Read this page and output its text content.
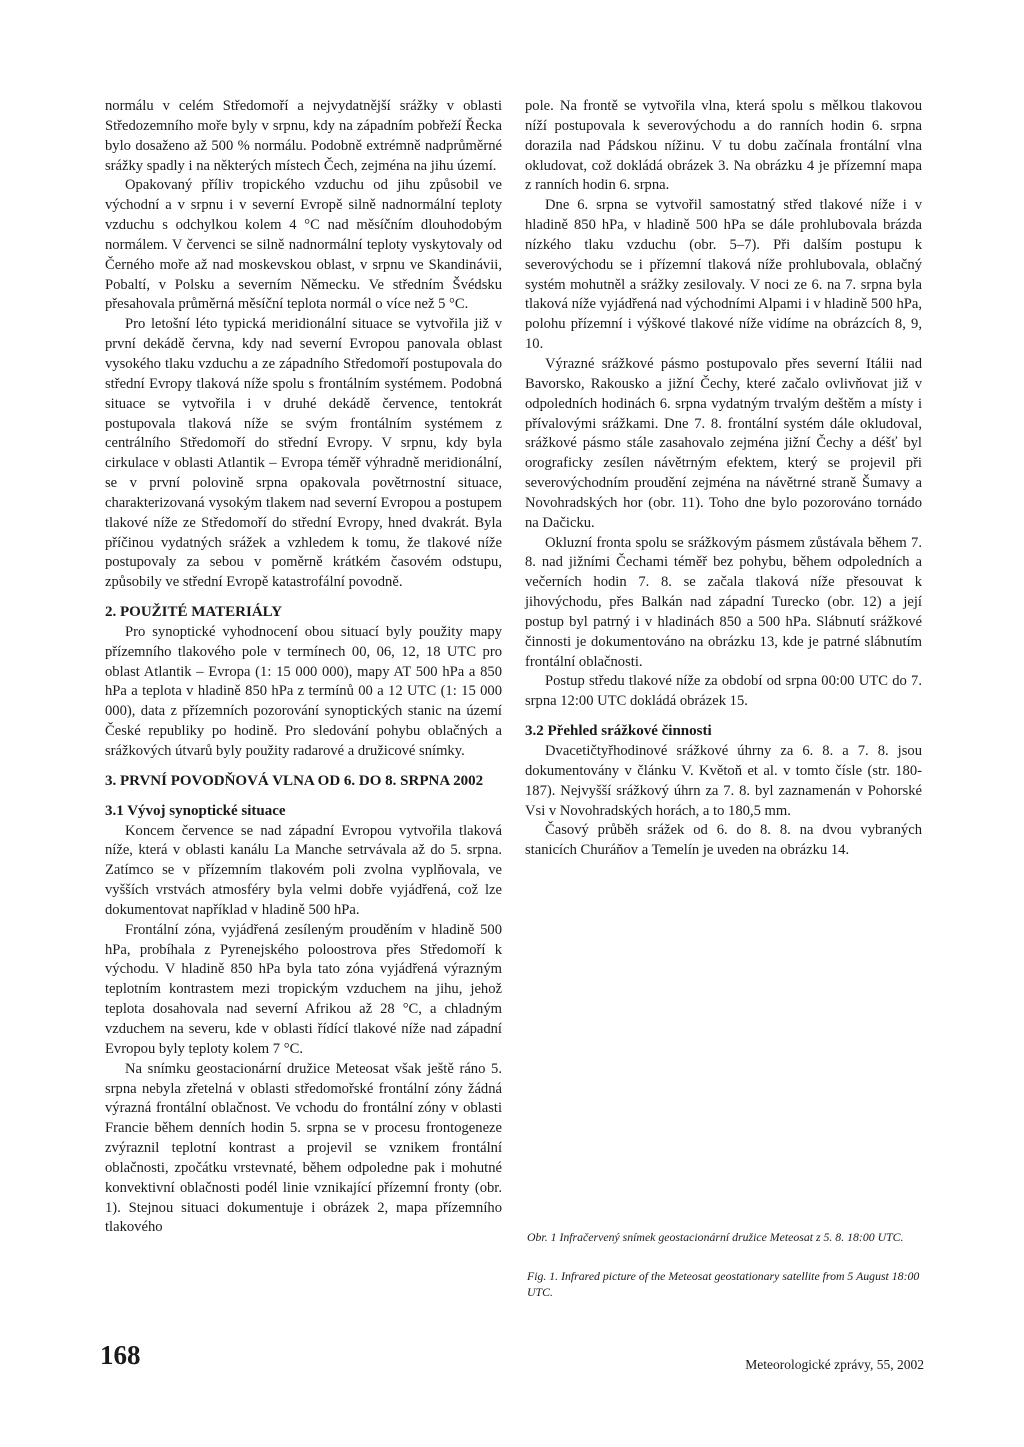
normálu v celém Středomoří a nejvydatnější srážky v oblasti Středozemního moře byly v srpnu, kdy na západním pobřeží Řecka bylo dosaženo až 500 % normálu. Podobně extrémně nadprůměrné srážky spadly i na některých místech Čech, zejména na jihu území.

Opakovaný příliv tropického vzduchu od jihu způsobil ve východní a v srpnu i v severní Evropě silně nadnormální teploty vzduchu s odchylkou kolem 4 °C nad měsíčním dlouhodobým normálem. V červenci se silně nadnormální teploty vyskytovaly od Černého moře až nad moskevskou oblast, v srpnu ve Skandinávii, Pobaltí, v Polsku a severním Německu. Ve středním Švédsku přesahovala průměrná měsíční teplota normál o více než 5 °C.

Pro letošní léto typická meridionální situace se vytvořila již v první dekádě června, kdy nad severní Evropou panovala oblast vysokého tlaku vzduchu a ze západního Středomoří postupovala do střední Evropy tlaková níže spolu s frontálním systémem. Podobná situace se vytvořila i v druhé dekádě července, tentokrát postupovala tlaková níže se svým frontálním systémem z centrálního Středomoří do střední Evropy. V srpnu, kdy byla cirkulace v oblasti Atlantik – Evropa téměř výhradně meridionální, se v první polovině srpna opakovala povětrnostní situace, charakterizovaná vysokým tlakem nad severní Evropou a postupem tlakové níže ze Středomoří do střední Evropy, hned dvakrát. Byla příčinou vydatných srážek a vzhledem k tomu, že tlakové níže postupovaly za sebou v poměrně krátkém časovém odstupu, způsobily ve střední Evropě katastrofální povodně.

2. POUŽITÉ MATERIÁLY

Pro synoptické vyhodnocení obou situací byly použity mapy přízemního tlakového pole v termínech 00, 06, 12, 18 UTC pro oblast Atlantik – Evropa (1: 15 000 000), mapy AT 500 hPa a 850 hPa a teplota v hladině 850 hPa z termínů 00 a 12 UTC (1: 15 000 000), data z přízemních pozorování synoptických stanic na území České republiky po hodině. Pro sledování pohybu oblačných a srážkových útvarů byly použity radarové a družicové snímky.

3. PRVNÍ POVODŇOVÁ VLNA OD 6. DO 8. SRPNA 2002
3.1 Vývoj synoptické situace

Koncem července se nad západní Evropou vytvořila tlaková níže, která v oblasti kanálu La Manche setrvávala až do 5. srpna. Zatímco se v přízemním tlakovém poli zvolna vyplňovala, ve vyšších vrstvách atmosféry byla velmi dobře vyjádřená, což lze dokumentovat například v hladině 500 hPa.

Frontální zóna, vyjádřená zesíleným prouděním v hladině 500 hPa, probíhala z Pyrenejského poloostrova přes Středomoří k východu. V hladině 850 hPa byla tato zóna vyjádřená výrazným teplotním kontrastem mezi tropickým vzduchem na jihu, jehož teplota dosahovala nad severní Afrikou až 28 °C, a chladným vzduchem na severu, kde v oblasti řídící tlakové níže nad západní Evropou byly teploty kolem 7 °C.

Na snímku geostacionární družice Meteosat však ještě ráno 5. srpna nebyla zřetelná v oblasti středomořské frontální zóny žádná výrazná frontální oblačnost. Ve vchodu do frontální zóny v oblasti Francie během denních hodin 5. srpna se v procesu frontogeneze zvýraznil teplotní kontrast a projevil se vznikem frontální oblačnosti, zpočátku vrstevnaté, během odpoledne pak i mohutné konvektivní oblačnosti podél linie vznikající přízemní fronty (obr. 1). Stejnou situaci dokumentuje i obrázek 2, mapa přízemního tlakového

pole. Na frontě se vytvořila vlna, která spolu s mělkou tlakovou níží postupovala k severovýchodu a do ranních hodin 6. srpna dorazila nad Pádskou nížinu. V tu dobu začínala frontální vlna okludovat, což dokládá obrázek 3. Na obrázku 4 je přízemní mapa z ranních hodin 6. srpna.

Dne 6. srpna se vytvořil samostatný střed tlakové níže i v hladině 850 hPa, v hladině 500 hPa se dále prohlubovala brázda nízkého tlaku vzduchu (obr. 5–7). Při dalším postupu k severovýchodu se i přízemní tlaková níže prohlubovala, oblačný systém mohutněl a srážky zesilovaly. V noci ze 6. na 7. srpna byla tlaková níže vyjádřená nad východními Alpami i v hladině 500 hPa, polohu přízemní i výškové tlakové níže vidíme na obrázcích 8, 9, 10.

Výrazné srážkové pásmo postupovalo přes severní Itálii nad Bavorsko, Rakousko a jižní Čechy, které začalo ovlivňovat již v odpoledních hodinách 6. srpna vydatným trvalým deštěm a místy i přívalovými srážkami. Dne 7. 8. frontální systém dále okludoval, srážkové pásmo stále zasahovalo zejména jižní Čechy a déšť byl orograficky zesílen návětrným efektem, který se projevil při severovýchodním proudění zejména na návětrné straně Šumavy a Novohradských hor (obr. 11). Toho dne bylo pozorováno tornádo na Dačicku.

Okluzní fronta spolu se srážkovým pásmem zůstávala během 7. 8. nad jižními Čechami téměř bez pohybu, během odpoledních a večerních hodin 7. 8. se začala tlaková níže přesouvat k jihovýchodu, přes Balkán nad západní Turecko (obr. 12) a její postup byl patrný i v hladinách 850 a 500 hPa. Slábnutí srážkové činnosti je dokumentováno na obrázku 13, kde je patrné slábnutím frontální oblačnosti.

Postup středu tlakové níže za období od srpna 00:00 UTC do 7. srpna 12:00 UTC dokládá obrázek 15.

3.2 Přehled srážkové činnosti

Dvacetičtyřhodinové srážkové úhrny za 6. 8. a 7. 8. jsou dokumentovány v článku V. Květoň et al. v tomto čísle (str. 180-187). Nejvyšší srážkový úhrn za 7. 8. byl zaznamenán v Pohorské Vsi v Novohradských horách, a to 180,5 mm.

Časový průběh srážek od 6. do 8. 8. na dvou vybraných stanicích Churáňov a Temelín je uveden na obrázku 14.

Obr. 1 Infračervený snímek geostacionární družice Meteosat z 5. 8. 18:00 UTC.
Fig. 1. Infrared picture of the Meteosat geostationary satellite from 5 August 18:00 UTC.
168	Meteorologické zprávy, 55, 2002
